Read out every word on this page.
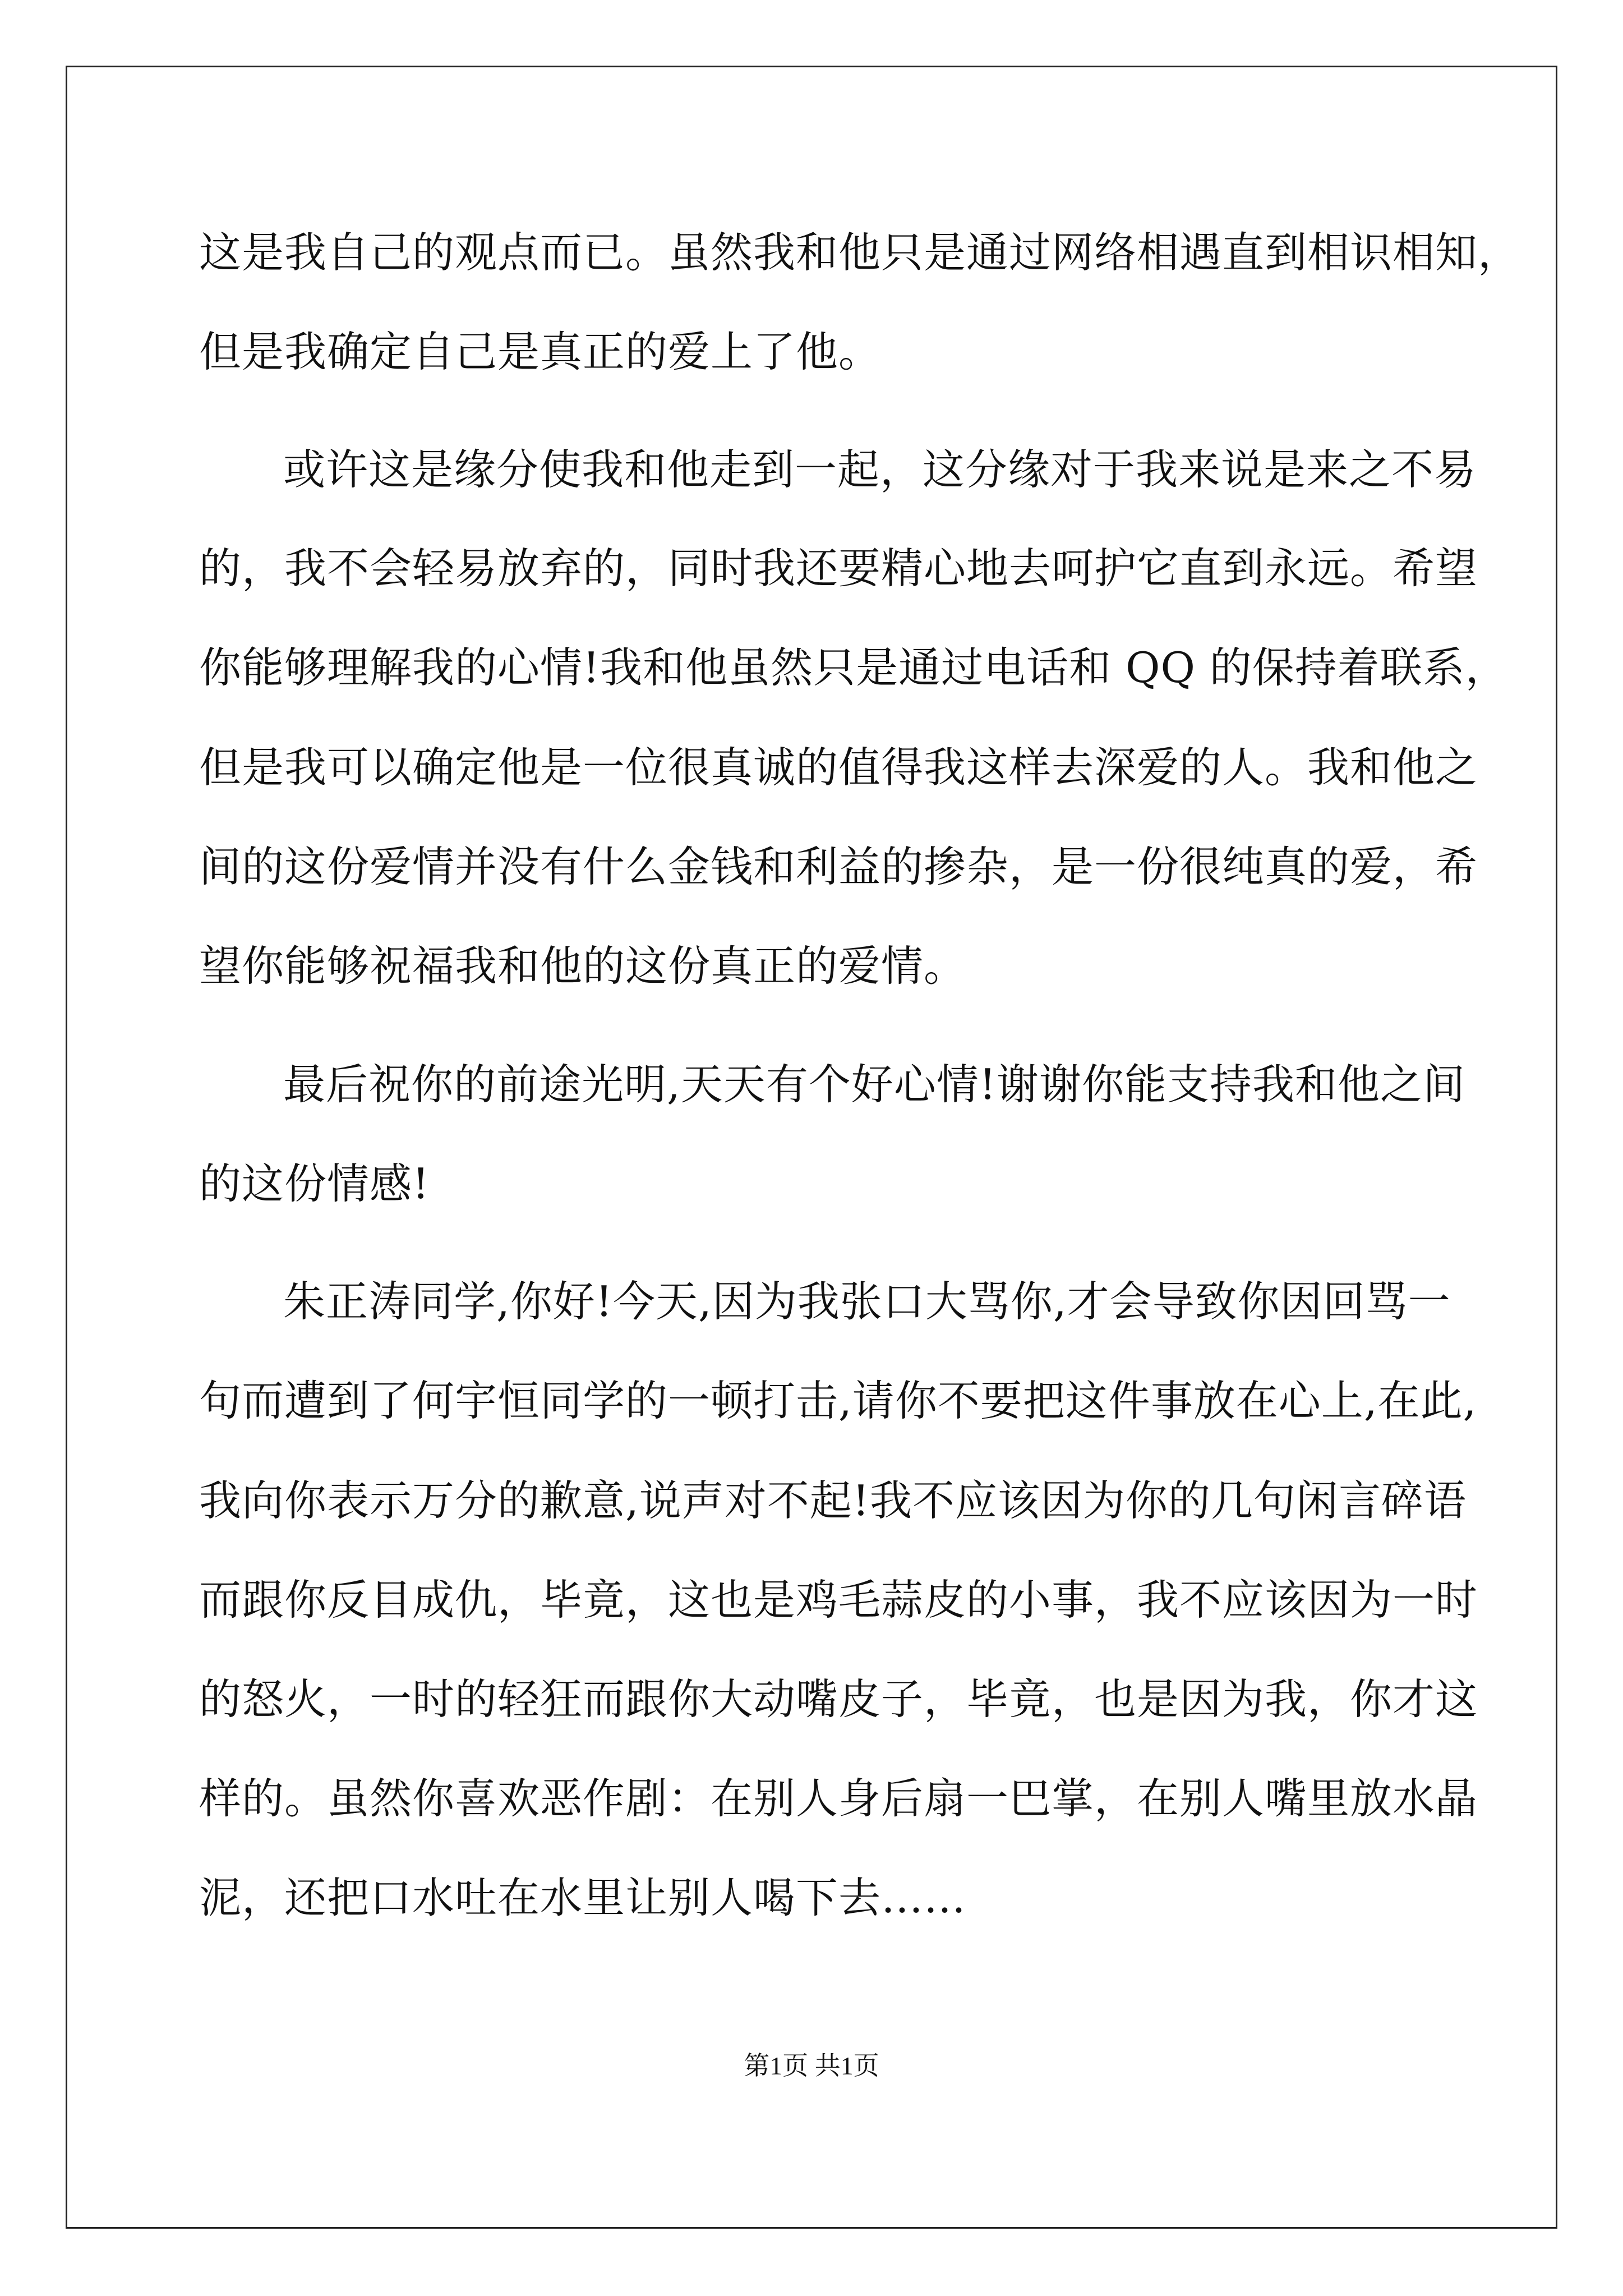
这是我自己的观点而已。虽然我和他只是通过网络相遇直到相识相知，
但是我确定自己是真正的爱上了他。
或许这是缘分使我和他走到一起，这分缘对于我来说是来之不易
的，我不会轻易放弃的，同时我还要精心地去呵护它直到永远。希望
你能够理解我的心情!我和他虽然只是通过电话和 QQ 的保持着联系，
但是我可以确定他是一位很真诚的值得我这样去深爱的人。我和他之
间的这份爱情并没有什么金钱和利益的掺杂，是一份很纯真的爱，希
望你能够祝福我和他的这份真正的爱情。
最后祝你的前途光明,天天有个好心情!谢谢你能支持我和他之间
的这份情感!
朱正涛同学,你好!今天,因为我张口大骂你,才会导致你因回骂一
句而遭到了何宇恒同学的一顿打击,请你不要把这件事放在心上,在此,
我向你表示万分的歉意,说声对不起!我不应该因为你的几句闲言碎语
而跟你反目成仇，毕竟，这也是鸡毛蒜皮的小事，我不应该因为一时
的怒火，一时的轻狂而跟你大动嘴皮子，毕竟，也是因为我，你才这
样的。虽然你喜欢恶作剧：在别人身后扇一巴掌，在别人嘴里放水晶
泥，还把口水吐在水里让别人喝下去……
第1页 共1页
